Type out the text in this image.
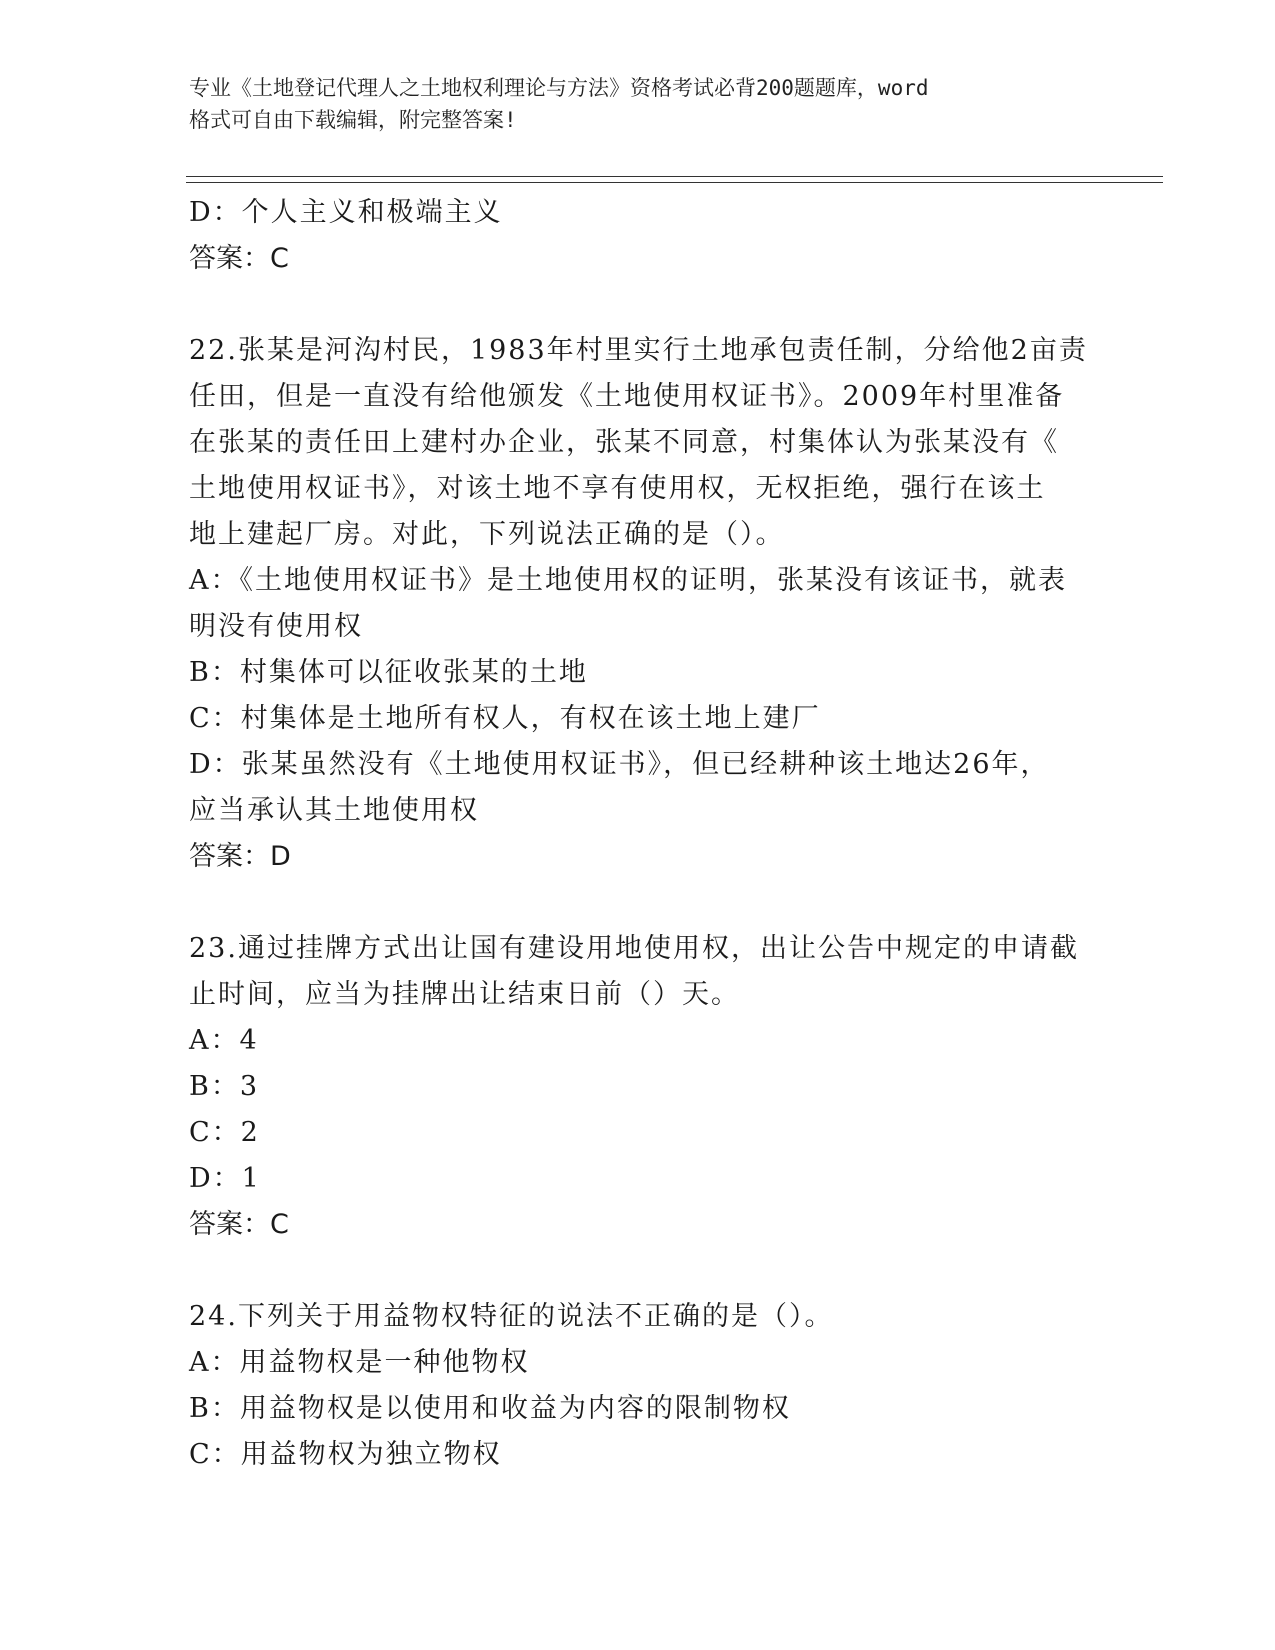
专业《土地登记代理人之土地权利理论与方法》资格考试必背200题题库，word
格式可自由下载编辑，附完整答案!
D：个人主义和极端主义
答案：C
22.张某是河沟村民，1983年村里实行土地承包责任制，分给他2亩责
任田，但是一直没有给他颁发《土地使用权证书》。2009年村里准备
在张某的责任田上建村办企业，张某不同意，村集体认为张某没有《
土地使用权证书》，对该土地不享有使用权，无权拒绝，强行在该土
地上建起厂房。对此，下列说法正确的是（）。
A：《土地使用权证书》是土地使用权的证明，张某没有该证书，就表
明没有使用权
B：村集体可以征收张某的土地
C：村集体是土地所有权人，有权在该土地上建厂
D：张某虽然没有《土地使用权证书》，但已经耕种该土地达26年，
应当承认其土地使用权
答案：D
23.通过挂牌方式出让国有建设用地使用权，出让公告中规定的申请截
止时间，应当为挂牌出让结束日前（）天。
A：4
B：3
C：2
D：1
答案：C
24.下列关于用益物权特征的说法不正确的是（）。
A：用益物权是一种他物权
B：用益物权是以使用和收益为内容的限制物权
C：用益物权为独立物权
